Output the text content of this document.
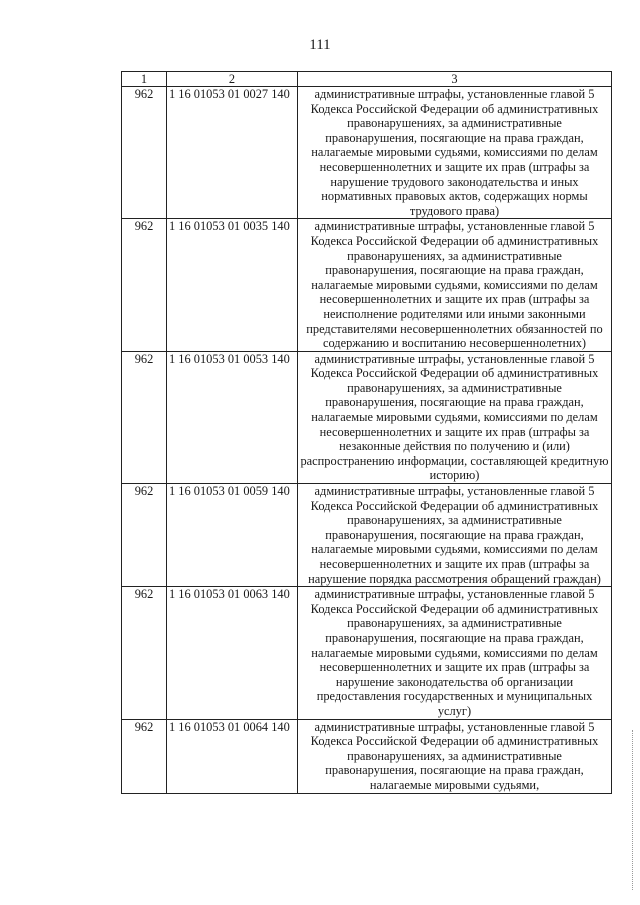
111
1	2	3
962	1 16 01053 01 0027 140	административные штрафы, установленные главой 5 Кодекса Российской Федерации об административных правонарушениях, за административные правонарушения, посягающие на права граждан, налагаемые мировыми судьями, комиссиями по делам несовершеннолетних и защите их прав (штрафы за нарушение трудового законодательства и иных нормативных правовых актов, содержащих нормы трудового права)
962	1 16 01053 01 0035 140	административные штрафы, установленные главой 5 Кодекса Российской Федерации об административных правонарушениях, за административные правонарушения, посягающие на права граждан, налагаемые мировыми судьями, комиссиями по делам несовершеннолетних и защите их прав (штрафы за неисполнение родителями или иными законными представителями несовершеннолетних обязанностей по содержанию и воспитанию несовершеннолетних)
962	1 16 01053 01 0053 140	административные штрафы, установленные главой 5 Кодекса Российской Федерации об административных правонарушениях, за административные правонарушения, посягающие на права граждан, налагаемые мировыми судьями, комиссиями по делам несовершеннолетних и защите их прав (штрафы за незаконные действия по получению и (или) распространению информации, составляющей кредитную историю)
962	1 16 01053 01 0059 140	административные штрафы, установленные главой 5 Кодекса Российской Федерации об административных правонарушениях, за административные правонарушения, посягающие на права граждан, налагаемые мировыми судьями, комиссиями по делам несовершеннолетних и защите их прав (штрафы за нарушение порядка рассмотрения обращений граждан)
962	1 16 01053 01 0063 140	административные штрафы, установленные главой 5 Кодекса Российской Федерации об административных правонарушениях, за административные правонарушения, посягающие на права граждан, налагаемые мировыми судьями, комиссиями по делам несовершеннолетних и защите их прав (штрафы за нарушение законодательства об организации предоставления государственных и муниципальных услуг)
962	1 16 01053 01 0064 140	административные штрафы, установленные главой 5 Кодекса Российской Федерации об административных правонарушениях, за административные правонарушения, посягающие на права граждан, налагаемые мировыми судьями,
